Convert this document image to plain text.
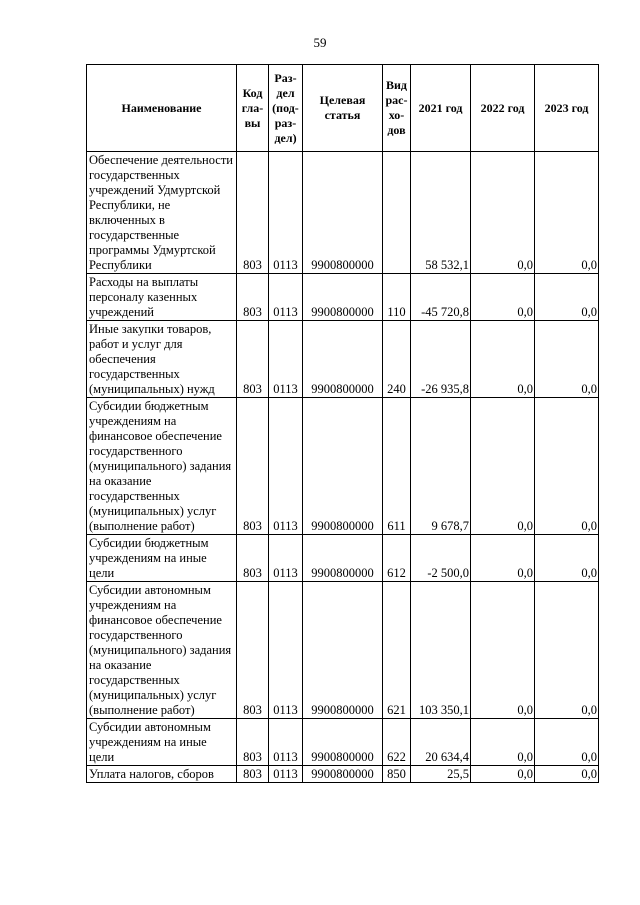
59
Наименование	Код гла- вы	Раз- дел (под- раз- дел)	Целевая статья	Вид рас- хо- дов	2021 год	2022 год	2023 год
Обеспечение деятельности государственных учреждений Удмуртской Республики, не включенных в государственные программы Удмуртской Республики	803	0113	9900800000		58 532,1	0,0	0,0
Расходы на выплаты персоналу казенных учреждений	803	0113	9900800000	110	-45 720,8	0,0	0,0
Иные закупки товаров, работ и услуг для обеспечения государственных (муниципальных) нужд	803	0113	9900800000	240	-26 935,8	0,0	0,0
Субсидии бюджетным учреждениям на финансовое обеспечение государственного (муниципального) задания на оказание государственных (муниципальных) услуг (выполнение работ)	803	0113	9900800000	611	9 678,7	0,0	0,0
Субсидии бюджетным учреждениям на иные цели	803	0113	9900800000	612	-2 500,0	0,0	0,0
Субсидии автономным учреждениям на финансовое обеспечение государственного (муниципального) задания на оказание государственных (муниципальных) услуг (выполнение работ)	803	0113	9900800000	621	103 350,1	0,0	0,0
Субсидии автономным учреждениям на иные цели	803	0113	9900800000	622	20 634,4	0,0	0,0
Уплата налогов, сборов	803	0113	9900800000	850	25,5	0,0	0,0
